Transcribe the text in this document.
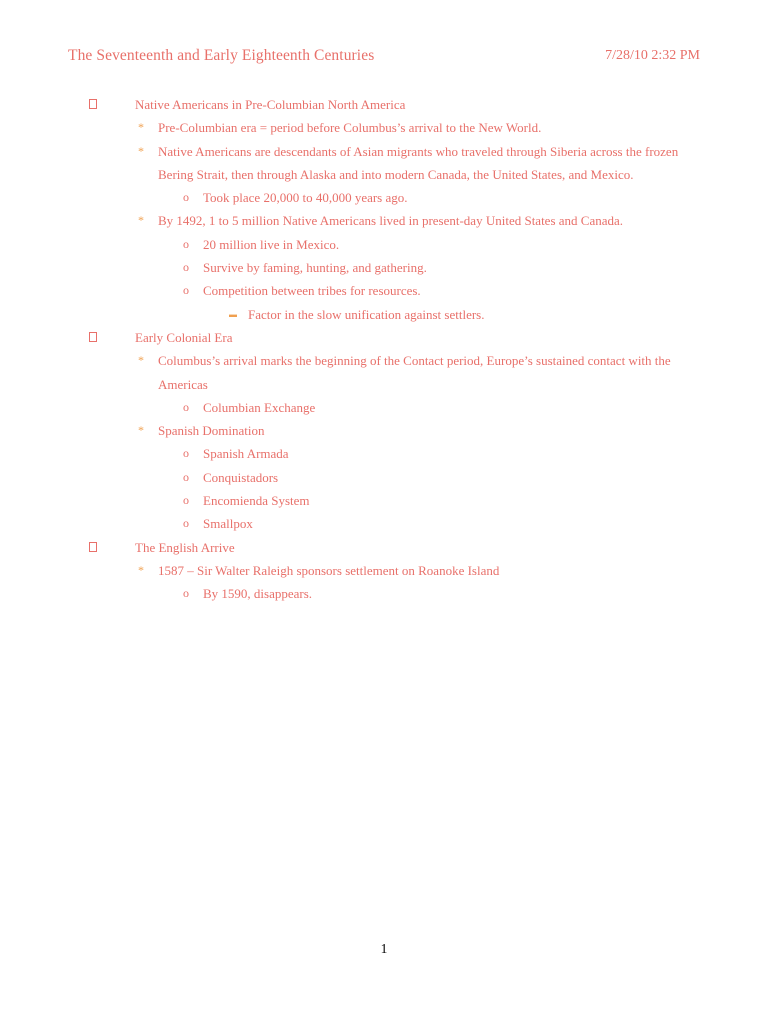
The Seventeenth and Early Eighteenth Centuries	7/28/10 2:32 PM
Native Americans in Pre-Columbian North America
* Pre-Columbian era = period before Columbus’s arrival to the New World.
* Native Americans are descendants of Asian migrants who traveled through Siberia across the frozen Bering Strait, then through Alaska and into modern Canada, the United States, and Mexico.
o Took place 20,000 to 40,000 years ago.
* By 1492, 1 to 5 million Native Americans lived in present-day United States and Canada.
o 20 million live in Mexico.
o Survive by faming, hunting, and gathering.
o Competition between tribes for resources.
▬ Factor in the slow unification against settlers.
Early Colonial Era
* Columbus’s arrival marks the beginning of the Contact period, Europe’s sustained contact with the Americas
o Columbian Exchange
* Spanish Domination
o Spanish Armada
o Conquistadors
o Encomienda System
o Smallpox
The English Arrive
* 1587 – Sir Walter Raleigh sponsors settlement on Roanoke Island
o By 1590, disappears.
1
